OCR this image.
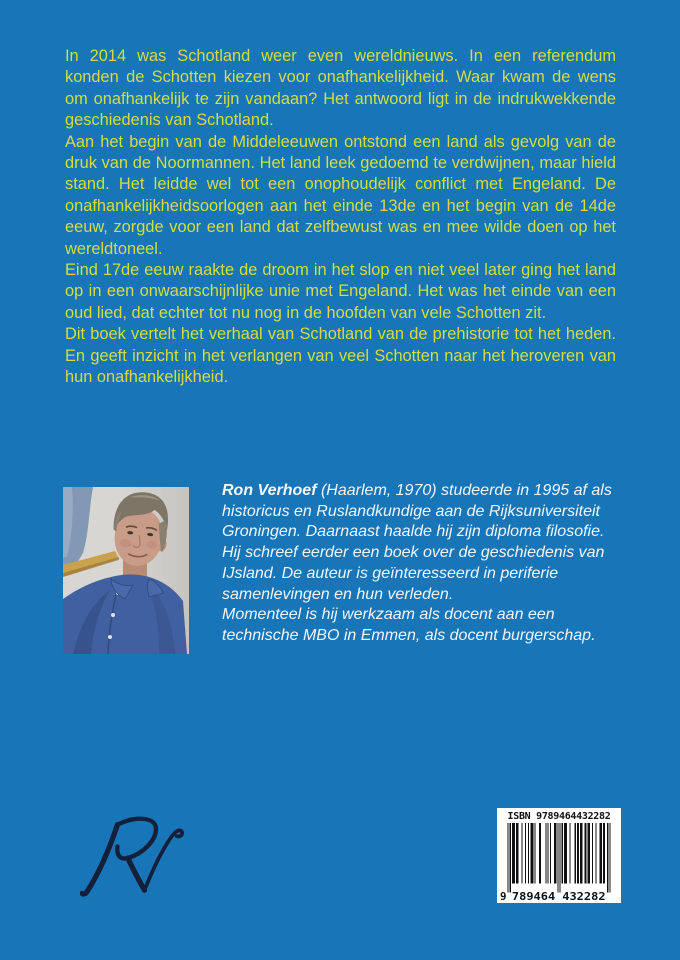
In 2014 was Schotland weer even wereldnieuws. In een referendum konden de Schotten kiezen voor onafhankelijkheid. Waar kwam de wens om onafhankelijk te zijn vandaan? Het antwoord ligt in de indrukwekkende geschiedenis van Schotland.

Aan het begin van de Middeleeuwen ontstond een land als gevolg van de druk van de Noormannen. Het land leek gedoemd te verdwijnen, maar hield stand. Het leidde wel tot een onophoudelijk conflict met Engeland. De onafhankelijkheidsoorlogen aan het einde 13de en het begin van de 14de eeuw, zorgde voor een land dat zelfbewust was en mee wilde doen op het wereldtoneel.

Eind 17de eeuw raakte de droom in het slop en niet veel later ging het land op in een onwaarschijnlijke unie met Engeland. Het was het einde van een oud lied, dat echter tot nu nog in de hoofden van vele Schotten zit.

Dit boek vertelt het verhaal van Schotland van de prehistorie tot het heden. En geeft inzicht in het verlangen van veel Schotten naar het heroveren van hun onafhankelijkheid.

Ron Verhoef (Haarlem, 1970) studeerde in 1995 af als historicus en Ruslandkundige aan de Rijksuniversiteit Groningen. Daarnaast haalde hij zijn diploma filosofie. Hij schreef eerder een boek over de geschiedenis van IJsland. De auteur is geïnteresseerd in periferie samenlevingen en hun verleden.

Momenteel is hij werkzaam als docent aan een technische MBO in Emmen, als docent burgerschap.

ISBN 9789464432282
9 789464 432282
